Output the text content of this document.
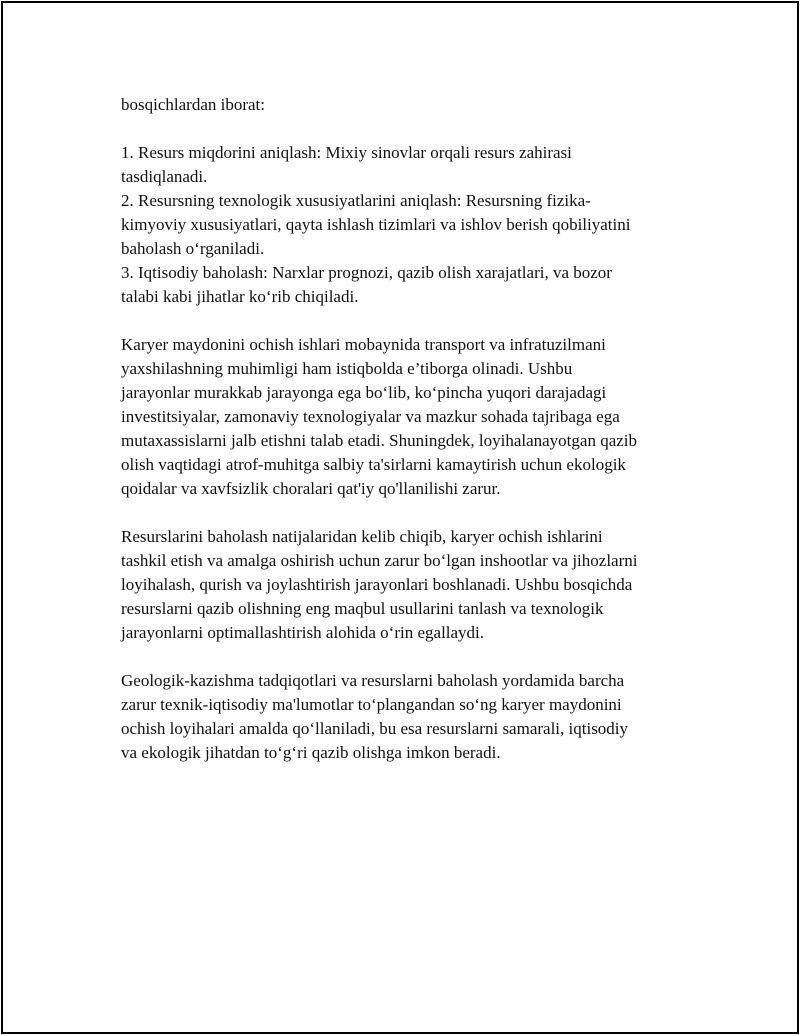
bosqichlardan iborat:

1. Resurs miqdorini aniqlash: Mixiy sinovlar orqali resurs zahirasi
tasdiqlanadi.

2. Resursning texnologik xususiyatlarini aniqlash: Resursning fizika-
kimyoviy xususiyatlari, qayta ishlash tizimlari va ishlov berish qobiliyatini
baholash o‘rganiladi.

3. Iqtisodiy baholash: Narxlar prognozi, qazib olish xarajatlari, va bozor
talabi kabi jihatlar ko‘rib chiqiladi.

Karyer maydonini ochish ishlari mobaynida transport va infratuzilmani
yaxshilashning muhimligi ham istiqbolda e’tiborga olinadi. Ushbu
jarayonlar murakkab jarayonga ega bo‘lib, ko‘pincha yuqori darajadagi
investitsiyalar, zamonaviy texnologiyalar va mazkur sohada tajribaga ega
mutaxassislarni jalb etishni talab etadi. Shuningdek, loyihalanayotgan qazib
olish vaqtidagi atrof-muhitga salbiy ta'sirlarni kamaytirish uchun ekologik
qoidalar va xavfsizlik choralari qat'iy qo'llanilishi zarur.

Resurslarini baholash natijalaridan kelib chiqib, karyer ochish ishlarini
tashkil etish va amalga oshirish uchun zarur bo‘lgan inshootlar va jihozlarni
loyihalash, qurish va joylashtirish jarayonlari boshlanadi. Ushbu bosqichda
resurslarni qazib olishning eng maqbul usullarini tanlash va texnologik
jarayonlarni optimallashtirish alohida o‘rin egallaydi.

Geologik-kazishma tadqiqotlari va resurslarni baholash yordamida barcha
zarur texnik-iqtisodiy ma'lumotlar to‘plangandan so‘ng karyer maydonini
ochish loyihalari amalda qo‘llaniladi, bu esa resurslarni samarali, iqtisodiy
va ekologik jihatdan to‘g‘ri qazib olishga imkon beradi.
